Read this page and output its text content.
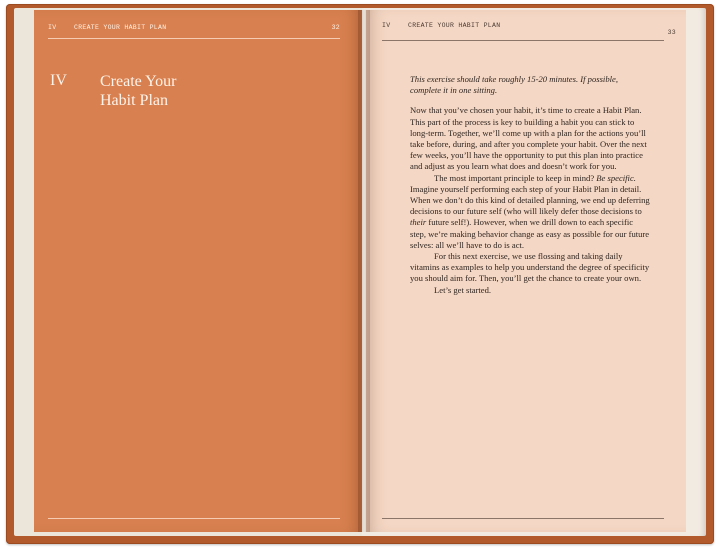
IV	CREATE YOUR HABIT PLAN	32
IV Create Your
Habit Plan
IV	CREATE YOUR HABIT PLAN
33

This exercise should take roughly 15-20 minutes. If possible, complete it in one sitting.

Now that you’ve chosen your habit, it’s time to create a Habit Plan. This part of the process is key to building a habit you can stick to long-term. Together, we’ll come up with a plan for the actions you’ll take before, during, and after you complete your habit. Over the next few weeks, you’ll have the opportunity to put this plan into practice and adjust as you learn what does and doesn’t work for you.

The most important principle to keep in mind? Be specific. Imagine yourself performing each step of your Habit Plan in detail. When we don’t do this kind of detailed planning, we end up deferring decisions to our future self (who will likely defer those decisions to their future self!). However, when we drill down to each specific step, we’re making behavior change as easy as possible for our future selves: all we’ll have to do is act.

For this next exercise, we use flossing and taking daily vitamins as examples to help you understand the degree of specificity you should aim for. Then, you’ll get the chance to create your own.

Let’s get started.
